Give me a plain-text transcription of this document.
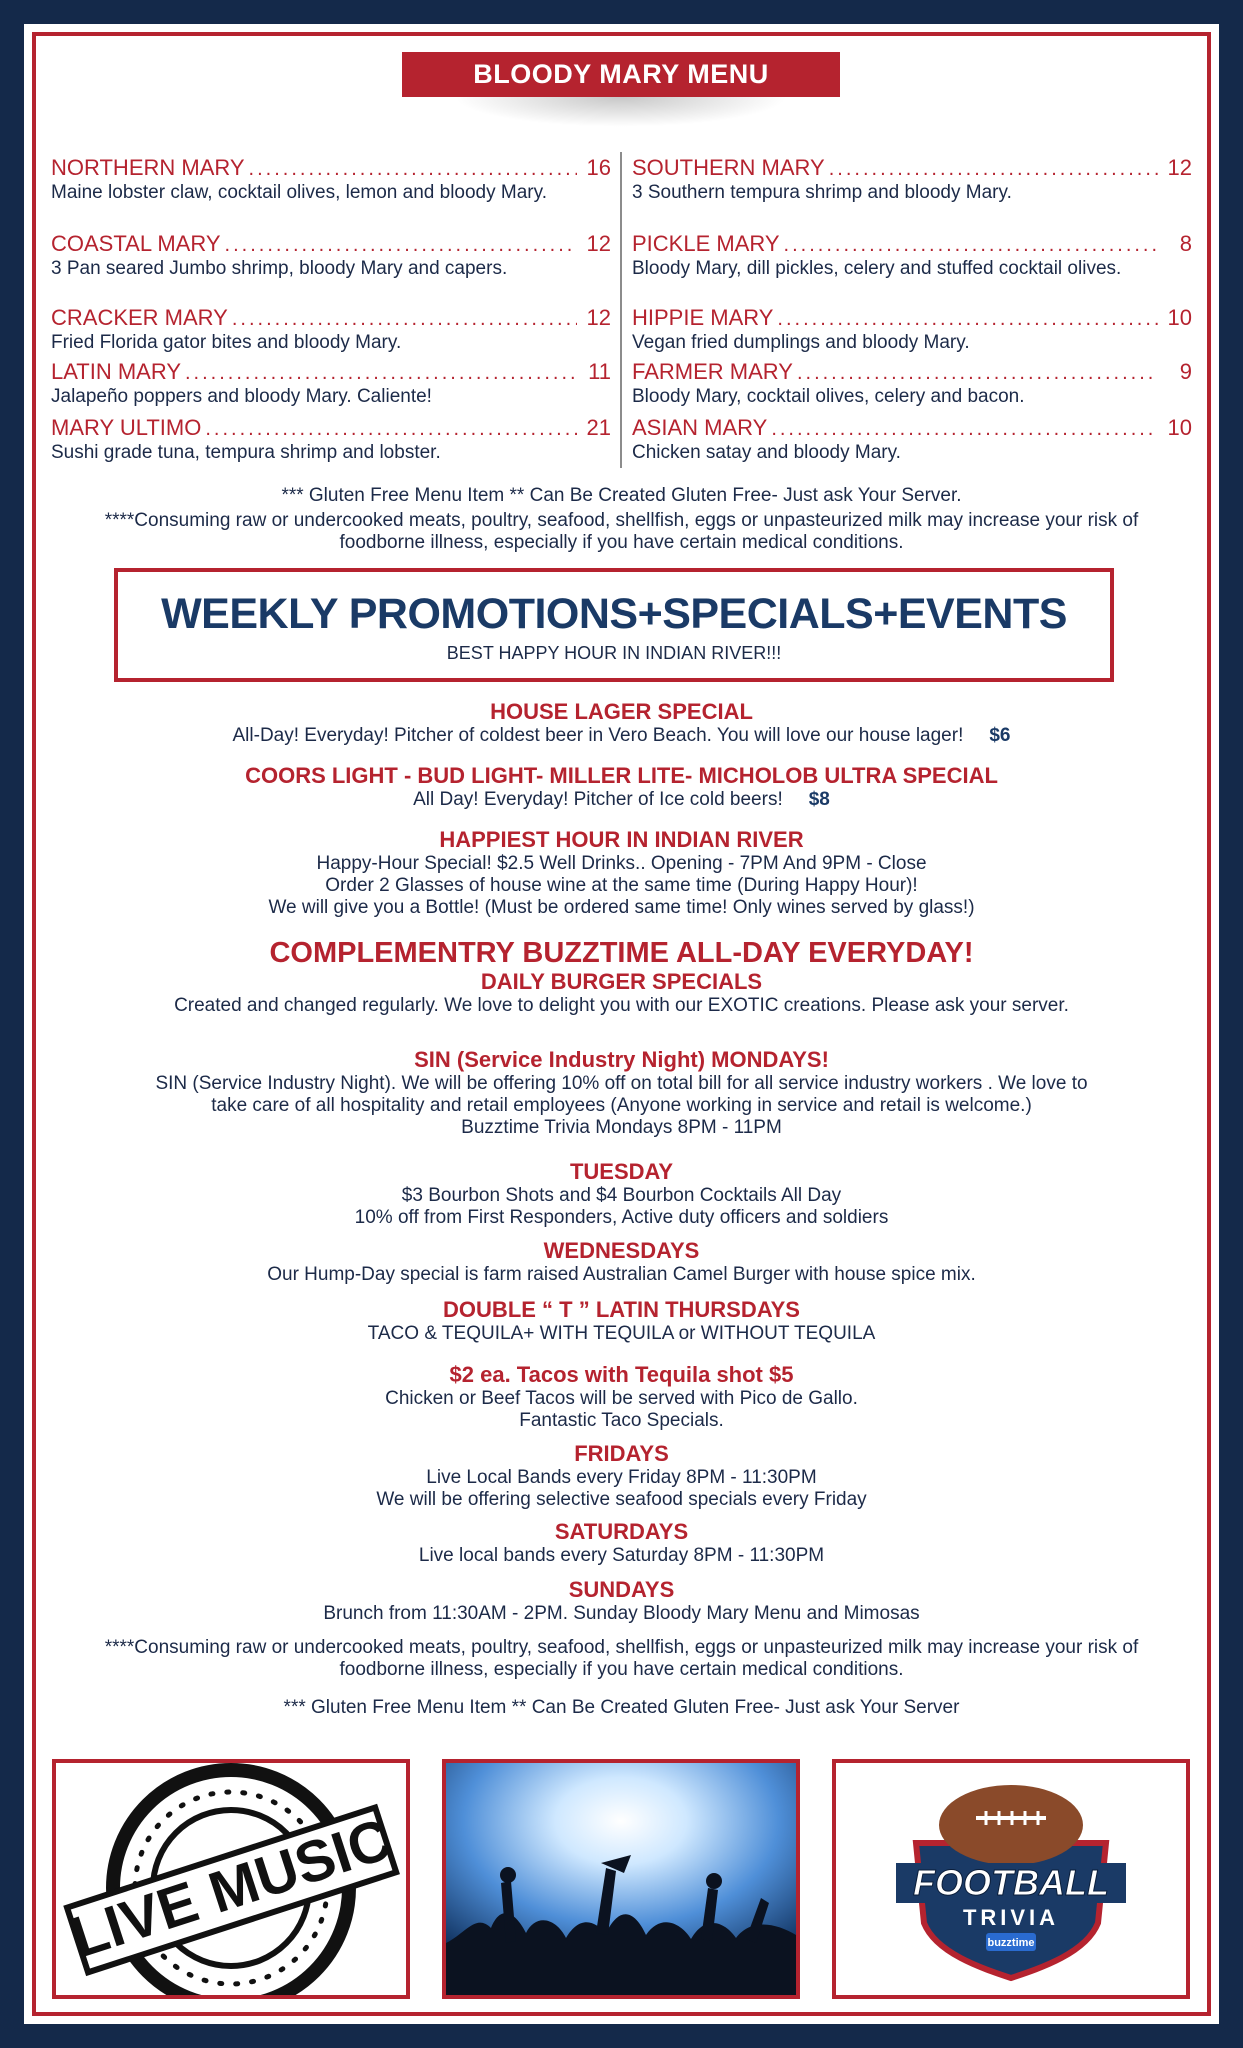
BLOODY MARY MENU
NORTHERN MARY .....	16
Maine lobster claw, cocktail olives, lemon and bloody Mary.
COASTAL MARY .....	12
3 Pan seared Jumbo shrimp, bloody Mary and capers.
CRACKER MARY .....	12
Fried Florida gator bites and bloody Mary.
LATIN MARY .....	11
Jalapeño poppers and bloody Mary. Caliente!
MARY ULTIMO .....	21
Sushi grade tuna, tempura shrimp and lobster.
SOUTHERN MARY .....	12
3 Southern tempura shrimp and bloody Mary.
PICKLE MARY .....	8
Bloody Mary, dill pickles, celery and stuffed cocktail olives.
HIPPIE MARY .....	10
Vegan fried dumplings and bloody Mary.
FARMER MARY .....	9
Bloody Mary, cocktail olives, celery and bacon.
ASIAN MARY .....	10
Chicken satay and bloody Mary.
*** Gluten Free Menu Item ** Can Be Created Gluten Free- Just ask Your Server.
****Consuming raw or undercooked meats, poultry, seafood, shellfish, eggs or unpasteurized milk may increase your risk of foodborne illness, especially if you have certain medical conditions.
WEEKLY PROMOTIONS+SPECIALS+EVENTS
BEST HAPPY HOUR IN INDIAN RIVER!!!
HOUSE LAGER SPECIAL
All-Day! Everyday! Pitcher of coldest beer in Vero Beach. You will love our house lager! $6
COORS LIGHT - BUD LIGHT- MILLER LITE- MICHOLOB ULTRA SPECIAL
All Day! Everyday! Pitcher of Ice cold beers! $8
HAPPIEST HOUR IN INDIAN RIVER
Happy-Hour Special! $2.5 Well Drinks.. Opening - 7PM And 9PM - Close
Order 2 Glasses of house wine at the same time (During Happy Hour)!
We will give you a Bottle! (Must be ordered same time! Only wines served by glass!)
COMPLEMENTRY BUZZTIME ALL-DAY EVERYDAY!
DAILY BURGER SPECIALS
Created and changed regularly. We love to delight you with our EXOTIC creations. Please ask your server.
SIN (Service Industry Night) MONDAYS!
SIN (Service Industry Night). We will be offering 10% off on total bill for all service industry workers . We love to
take care of all hospitality and retail employees (Anyone working in service and retail is welcome.)
Buzztime Trivia Mondays 8PM - 11PM
TUESDAY
$3 Bourbon Shots and $4 Bourbon Cocktails All Day
10% off from First Responders, Active duty officers and soldiers
WEDNESDAYS
Our Hump-Day special is farm raised Australian Camel Burger with house spice mix.
DOUBLE “ T ” LATIN THURSDAYS
TACO & TEQUILA+ WITH TEQUILA or WITHOUT TEQUILA
$2 ea. Tacos with Tequila shot $5
Chicken or Beef Tacos will be served with Pico de Gallo.
Fantastic Taco Specials.
FRIDAYS
Live Local Bands every Friday 8PM - 11:30PM
We will be offering selective seafood specials every Friday
SATURDAYS
Live local bands every Saturday 8PM - 11:30PM
SUNDAYS
Brunch from 11:30AM - 2PM. Sunday Bloody Mary Menu and Mimosas
****Consuming raw or undercooked meats, poultry, seafood, shellfish, eggs or unpasteurized milk may increase your risk of foodborne illness, especially if you have certain medical conditions.
*** Gluten Free Menu Item ** Can Be Created Gluten Free- Just ask Your Server
LIVE MUSIC	FOOTBALL
TRIVIA
buzztime
